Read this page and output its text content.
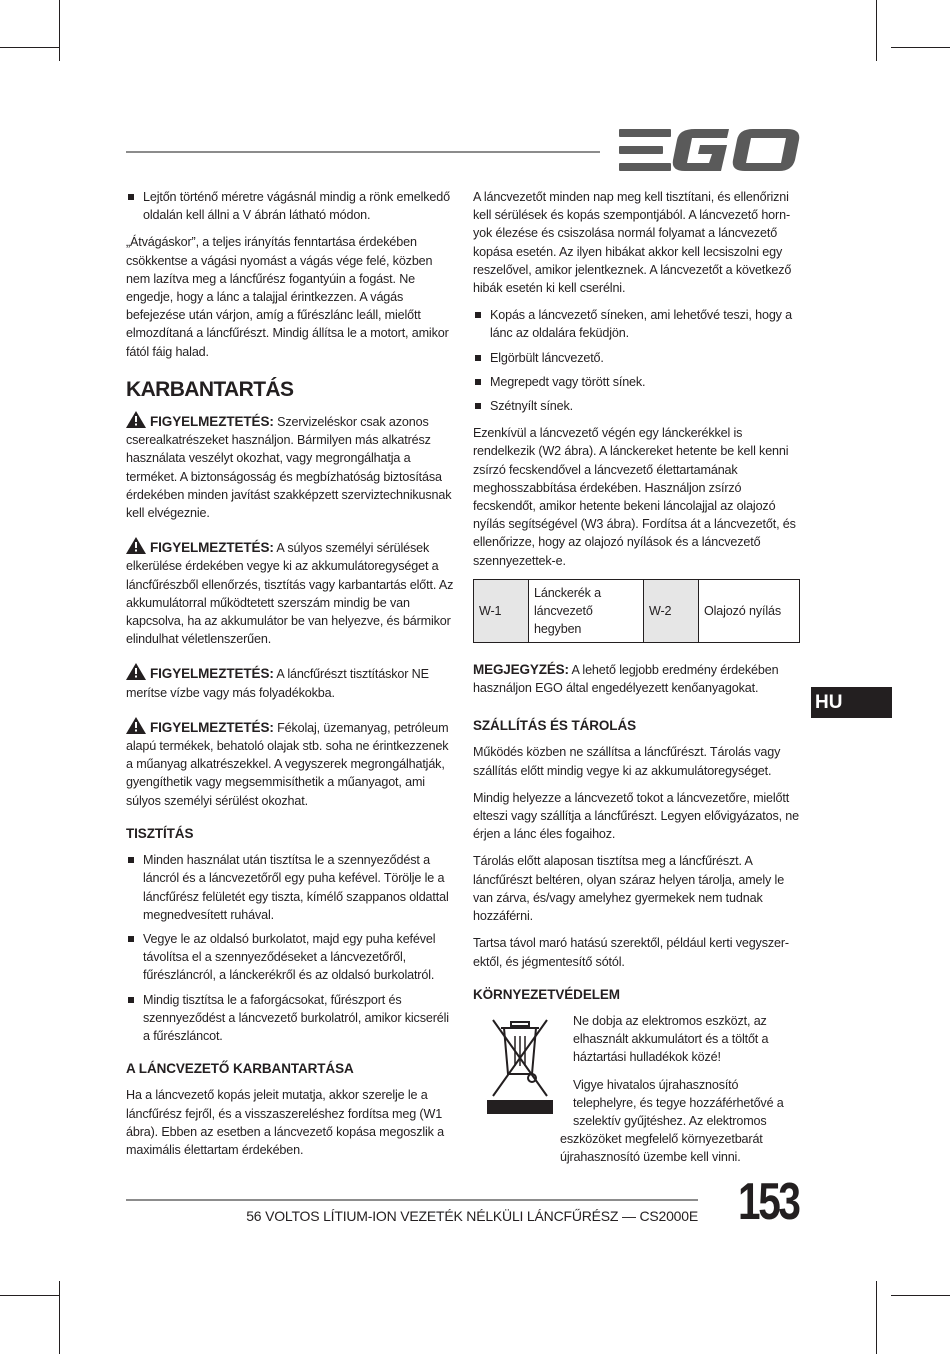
Lejtőn történő méretre vágásnál mindig a rönk emelkedő oldalán kell állni a V ábrán látható módon.

„Átvágáskor”, a teljes irányítás fenntartása érdekében csökkentse a vágási nyomást a vágás vége felé, közben nem lazítva meg a láncfűrész fogantyúin a fogást. Ne engedje, hogy a lánc a talajjal érintkezzen. A vágás befejezése után várjon, amíg a fűrészlánc leáll, mielőtt elmozdítaná a láncfűrészt. Mindig állítsa le a motort, amikor fától fáig halad.

KARBANTARTÁS

FIGYELMEZTETÉS: Szervizeléskor csak azonos cserealkatrészeket használjon. Bármilyen más alkatrész használata veszélyt okozhat, vagy megrongálhatja a terméket. A biztonságosság és megbízhatóság biztosítása érdekében minden javítást szakképzett szerviztechnikusnak kell elvégeznie.

FIGYELMEZTETÉS: A súlyos személyi sérülések elkerülése érdekében vegye ki az akkumulátoregységet a láncfűrészből ellenőrzés, tisztítás vagy karbantartás előtt. Az akkumulátorral működtetett szerszám mindig be van kapcsolva, ha az akkumulátor be van helyezve, és bármikor elindulhat véletlenszerűen.

FIGYELMEZTETÉS: A láncfűrészt tisztításkor NE merítse vízbe vagy más folyadékokba.

FIGYELMEZTETÉS: Fékolaj, üzemanyag, petróleum alapú termékek, behatoló olajak stb. soha ne érintkezzenek a műanyag alkatrészekkel. A vegyszerek megrongálhatják, gyengíthetik vagy megsemmisíthetik a műanyagot, ami súlyos személyi sérülést okozhat.

TISZTÍTÁS
Minden használat után tisztítsa le a szennyeződést a láncról és a láncvezetőről egy puha kefével. Törölje le a láncfűrész felületét egy tiszta, kímélő szappanos oldattal megnedvesített ruhával.
Vegye le az oldalsó burkolatot, majd egy puha kefével távolítsa el a szennyeződéseket a láncvezetőről, fűrészláncról, a lánckerékről és az oldalsó burkolatról.
Mindig tisztítsa le a faforgácsokat, fűrészport és szennyeződést a láncvezető burkolatról, amikor kicseréli a fűrészláncot.
A LÁNCVEZETŐ KARBANTARTÁSA

Ha a láncvezető kopás jeleit mutatja, akkor szerelje le a láncfűrész fejről, és a visszaszereléshez fordítsa meg (W1 ábra). Ebben az esetben a láncvezető kopása megoszlik a maximális élettartam érdekében.

A láncvezetőt minden nap meg kell tisztítani, és ellenőrizni kell sérülések és kopás szempontjából. A láncvezető hornyok élezése és csiszolása normál folyamat a láncvezető kopása esetén. Az ilyen hibákat akkor kell lecsiszolni egy reszelővel, amikor jelentkeznek. A láncvezetőt a következő hibák esetén ki kell cserélni.

Kopás a láncvezető síneken, ami lehetővé teszi, hogy a lánc az oldalára feküdjön.
Elgörbült láncvezető.
Megrepedt vagy törött sínek.
Szétnyílt sínek.

Ezenkívül a láncvezető végén egy lánckerékkel is rendelkezik (W2 ábra). A lánckereket hetente be kell kenni zsírzó fecskendővel a láncvezető élettartamának meghosszabbítása érdekében. Használjon zsírzó fecskendőt, amikor hetente bekeni láncolajjal az olajozó nyílás segítségével (W3 ábra). Fordítsa át a láncvezetőt, és ellenőrizze, hogy az olajozó nyílások és a láncvezető szennyezettek-e.

W-1	Lánckerék a láncvezető hegyben	W-2	Olajozó nyílás

MEGJEGYZÉS: A lehető legjobb eredmény érdekében használjon EGO által engedélyezett kenőanyagokat.

SZÁLLÍTÁS ÉS TÁROLÁS

Működés közben ne szállítsa a láncfűrészt. Tárolás vagy szállítás előtt mindig vegye ki az akkumulátoregységet.

Mindig helyezze a láncvezető tokot a láncvezetőre, mielőtt elteszi vagy szállítja a láncfűrészt. Legyen elővigyázatos, ne érjen a lánc éles fogaihoz.

Tárolás előtt alaposan tisztítsa meg a láncfűrészt. A láncfűrészt beltéren, olyan száraz helyen tárolja, amely le van zárva, és/vagy amelyhez gyermekek nem tudnak hozzáférni.

Tartsa távol maró hatású szerektől, például kerti vegyszerektől, és jégmentesítő sótól.

KÖRNYEZETVÉDELEM

Ne dobja az elektromos eszközt, az elhasznált akkumulátort és a töltőt a háztartási hulladékok közé!

Vigye hivatalos újrahasznosító telephelyre, és tegye hozzáférhetővé a szelektív gyűjtéshez. Az elektromos eszközöket megfelelő környezetbarát újrahasznosító üzembe kell vinni.

HU
56 VOLTOS LÍTIUM-ION VEZETÉK NÉLKÜLI LÁNCFŰRÉSZ — CS2000E 153
